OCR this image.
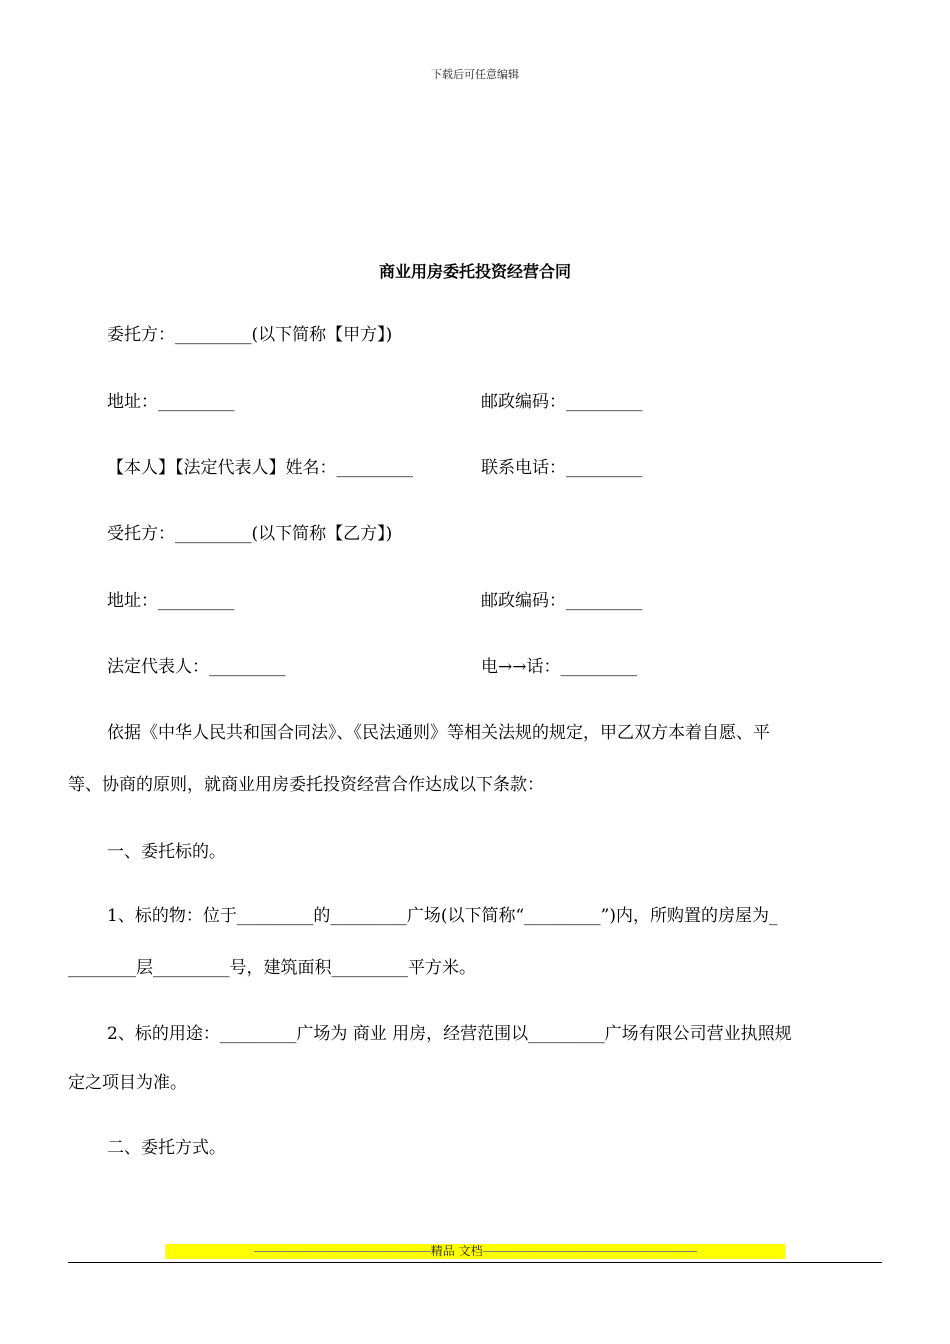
下载后可任意编辑
商业用房委托投资经营合同
委托方：_________(以下简称【甲方】)
地址：_________	邮政编码：_________
【本人】【法定代表人】姓名：_________	联系电话：_________
受托方：_________(以下简称【乙方】)
地址：_________	邮政编码：_________
法定代表人：_________	电→→话：_________
依据《中华人民共和国合同法》、《民法通则》等相关法规的规定，甲乙双方本着自愿、平
等、协商的原则，就商业用房委托投资经营合作达成以下条款：
一、委托标的。
1、标的物：位于_________的_________广场(以下简称“_________”)内，所购置的房屋为_
________层_________号，建筑面积_________平方米。
2、标的用途：_________广场为 商业 用房，经营范围以_________广场有限公司营业执照规
定之项目为准。
二、委托方式。
----------------------------------------------------------精品 文档----------------------------------------------------------------------
